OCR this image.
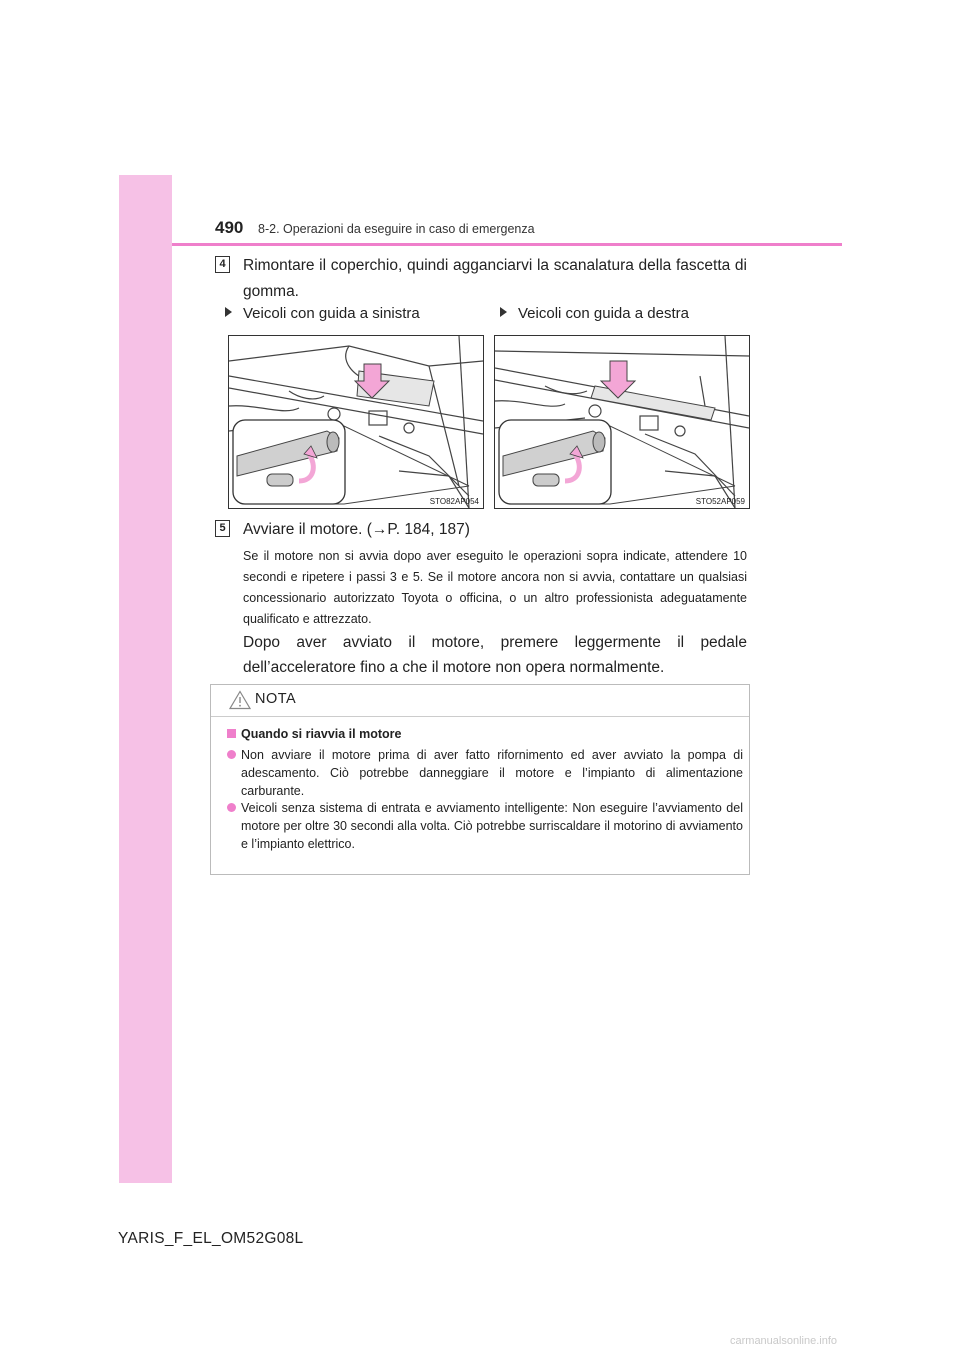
490 8-2. Operazioni da eseguire in caso di emergenza
4 Rimontare il coperchio, quindi agganciarvi la scanalatura della fascetta di gomma.
Veicoli con guida a sinistra	Veicoli con guida a destra
STO82AP054	STO52AP059
5 Avviare il motore. (→P. 184, 187)
Se il motore non si avvia dopo aver eseguito le operazioni sopra indicate, attendere 10 secondi e ripetere i passi 3 e 5. Se il motore ancora non si avvia, contattare un qualsiasi concessionario autorizzato Toyota o officina, o un altro professionista adeguatamente qualificato e attrezzato.
Dopo aver avviato il motore, premere leggermente il pedale dell’acceleratore fino a che il motore non opera normalmente.
NOTA
Quando si riavvia il motore
Non avviare il motore prima di aver fatto rifornimento ed aver avviato la pompa di adescamento. Ciò potrebbe danneggiare il motore e l’impianto di alimentazione carburante.
Veicoli senza sistema di entrata e avviamento intelligente: Non eseguire l’avviamento del motore per oltre 30 secondi alla volta. Ciò potrebbe surriscaldare il motorino di avviamento e l’impianto elettrico.
YARIS_F_EL_OM52G08L
carmanualsonline.info
